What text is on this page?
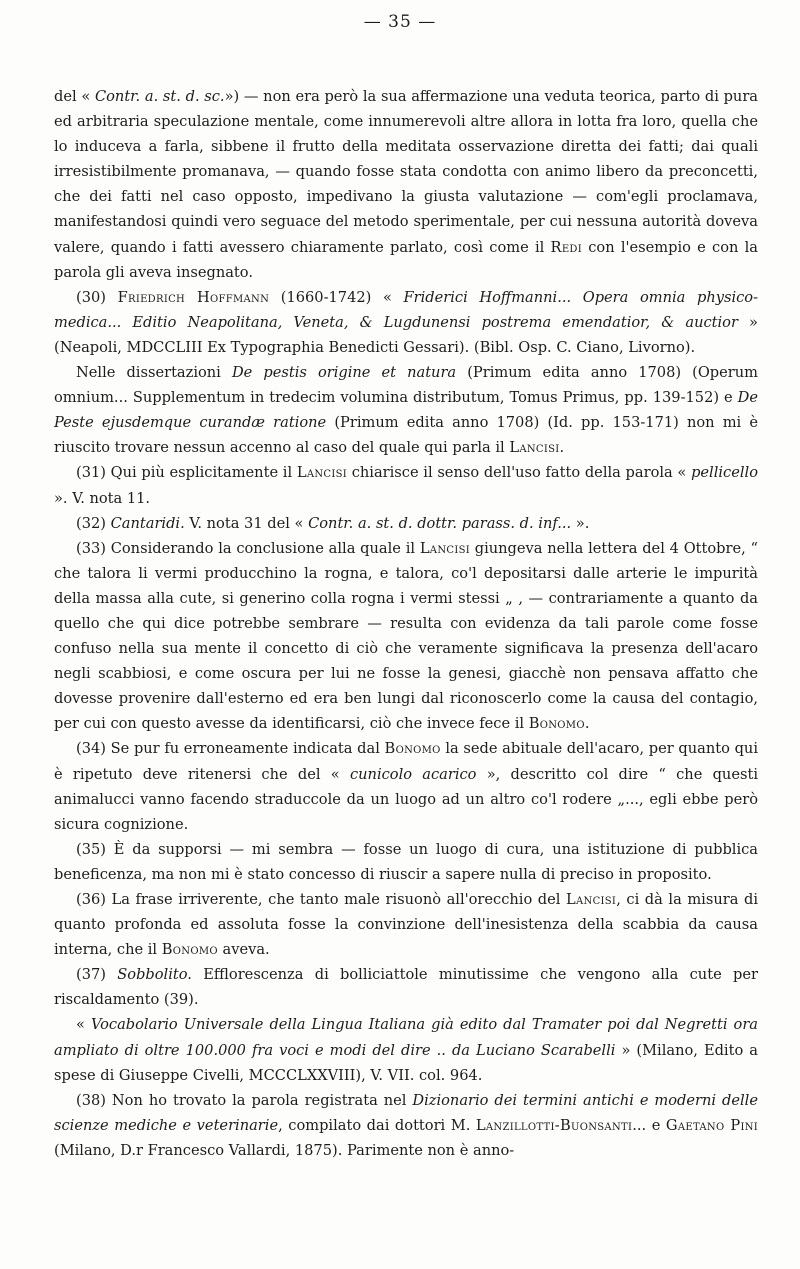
— 35 —

del « Contr. a. st. d. sc.») — non era però la sua affermazione una veduta teorica, parto di pura ed arbitraria speculazione mentale, come innumerevoli altre allora in lotta fra loro, quella che lo induceva a farla, sibbene il frutto della meditata osservazione diretta dei fatti; dai quali irresistibilmente promanava, — quando fosse stata condotta con animo libero da preconcetti, che dei fatti nel caso opposto, impedivano la giusta valutazione — com'egli proclamava, manifestandosi quindi vero seguace del metodo sperimentale, per cui nessuna autorità doveva valere, quando i fatti avessero chiaramente parlato, così come il Redi con l'esempio e con la parola gli aveva insegnato.

(30) Friedrich Hoffmann (1660-1742) « Friderici Hoffmanni... Opera omnia physico-medica... Editio Neapolitana, Veneta, & Lugdunensi postrema emendatior, & auctior » (Neapoli, MDCCLIII Ex Typographia Benedicti Gessari). (Bibl. Osp. C. Ciano, Livorno).

Nelle dissertazioni De pestis origine et natura (Primum edita anno 1708) (Operum omnium... Supplementum in tredecim volumina distributum, Tomus Primus, pp. 139-152) e De Peste ejusdemque curandæ ratione (Primum edita anno 1708) (Id. pp. 153-171) non mi è riuscito trovare nessun accenno al caso del quale qui parla il Lancisi.

(31) Qui più esplicitamente il Lancisi chiarisce il senso dell'uso fatto della parola « pellicello ». V. nota 11.

(32) Cantaridi. V. nota 31 del « Contr. a. st. d. dottr. parass. d. inf... ».

(33) Considerando la conclusione alla quale il Lancisi giungeva nella lettera del 4 Ottobre, “ che talora li vermi producchino la rogna, e talora, co'l depositarsi dalle arterie le impurità della massa alla cute, si generino colla rogna i vermi stessi „ , — contrariamente a quanto da quello che qui dice potrebbe sembrare — resulta con evidenza da tali parole come fosse confuso nella sua mente il concetto di ciò che veramente significava la presenza dell'acaro negli scabbiosi, e come oscura per lui ne fosse la genesi, giacchè non pensava affatto che dovesse provenire dall'esterno ed era ben lungi dal riconoscerlo come la causa del contagio, per cui con questo avesse da identificarsi, ciò che invece fece il Bonomo.

(34) Se pur fu erroneamente indicata dal Bonomo la sede abituale dell'acaro, per quanto qui è ripetuto deve ritenersi che del « cunicolo acarico », descritto col dire “ che questi animalucci vanno facendo straduccole da un luogo ad un altro co'l rodere „..., egli ebbe però sicura cognizione.

(35) È da supporsi — mi sembra — fosse un luogo di cura, una istituzione di pubblica beneficenza, ma non mi è stato concesso di riuscir a sapere nulla di preciso in proposito.

(36) La frase irriverente, che tanto male risuonò all'orecchio del Lancisi, ci dà la misura di quanto profonda ed assoluta fosse la convinzione dell'inesistenza della scabbia da causa interna, che il Bonomo aveva.

(37) Sobbolito. Efflorescenza di bolliciattole minutissime che vengono alla cute per riscaldamento (39).

« Vocabolario Universale della Lingua Italiana già edito dal Tramater poi dal Negretti ora ampliato di oltre 100.000 fra voci e modi del dire .. da Luciano Scarabelli » (Milano, Edito a spese di Giuseppe Civelli, MCCCLXXVIII), V. VII. col. 964.

(38) Non ho trovato la parola registrata nel Dizionario dei termini antichi e moderni delle scienze mediche e veterinarie, compilato dai dottori M. Lanzillotti-Buonsanti... e Gaetano Pini (Milano, D.r Francesco Vallardi, 1875). Parimente non è anno-
